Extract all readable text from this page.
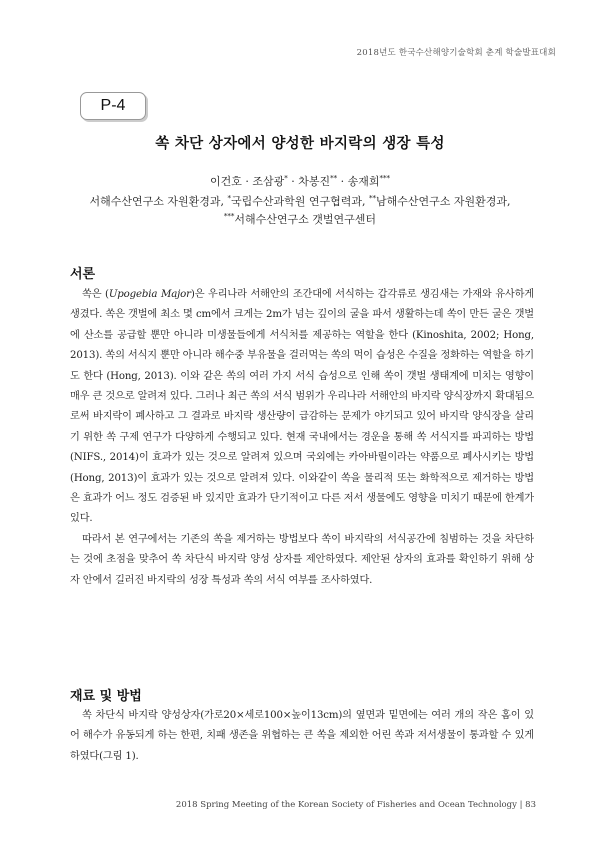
2018년도 한국수산해양기술학회 춘계 학술발표대회
P-4
쏙 차단 상자에서 양성한 바지락의 생장 특성
이건호 · 조삼광* · 차봉진** · 송재희***
서해수산연구소 자원환경과, *국립수산과학원 연구협력과, **남해수산연구소 자원환경과,
***서해수산연구소 갯벌연구센터
서론

쏙은 (Upogebia Major)은 우리나라 서해안의 조간대에 서식하는 갑각류로 생김새는 가재와 유사하게 생겼다. 쏙은 갯벌에 최소 몇 cm에서 크게는 2m가 넘는 깊이의 굴을 파서 생활하는데 쏙이 만든 굴은 갯벌에 산소를 공급할 뿐만 아니라 미생물들에게 서식처를 제공하는 역할을 한다 (Kinoshita, 2002; Hong, 2013). 쏙의 서식지 뿐만 아니라 해수중 부유물을 걸러먹는 쏙의 먹이 습성은 수질을 정화하는 역할을 하기도 한다 (Hong, 2013). 이와 같은 쏙의 여러 가지 서식 습성으로 인해 쏙이 갯벌 생태계에 미치는 영향이 매우 큰 것으로 알려져 있다. 그러나 최근 쏙의 서식 범위가 우리나라 서해안의 바지락 양식장까지 확대됨으로써 바지락이 폐사하고 그 결과로 바지락 생산량이 급감하는 문제가 야기되고 있어 바지락 양식장을 살리기 위한 쏙 구제 연구가 다양하게 수행되고 있다. 현재 국내에서는 경운을 통해 쏙 서식지를 파괴하는 방법 (NIFS., 2014)이 효과가 있는 것으로 알려져 있으며 국외에는 카아바릴이라는 약품으로 폐사시키는 방법 (Hong, 2013)이 효과가 있는 것으로 알려져 있다. 이와같이 쏙을 물리적 또는 화학적으로 제거하는 방법은 효과가 어느 정도 검증된 바 있지만 효과가 단기적이고 다른 저서 생물에도 영향을 미치기 때문에 한계가 있다.

따라서 본 연구에서는 기존의 쏙을 제거하는 방법보다 쏙이 바지락의 서식공간에 침범하는 것을 차단하는 것에 초점을 맞추어 쏙 차단식 바지락 양성 상자를 제안하였다. 제안된 상자의 효과를 확인하기 위해 상자 안에서 길러진 바지락의 성장 특성과 쏙의 서식 여부를 조사하였다.

재료 및 방법

쏙 차단식 바지락 양성상자(가로20×세로100×높이13cm)의 옆면과 밑면에는 여러 개의 작은 홈이 있어 해수가 유동되게 하는 한편, 치패 생존을 위협하는 큰 쏙을 제외한 어린 쏙과 저서생물이 통과할 수 있게 하였다(그림 1).

2018 Spring Meeting of the Korean Society of Fisheries and Ocean Technology | 83
